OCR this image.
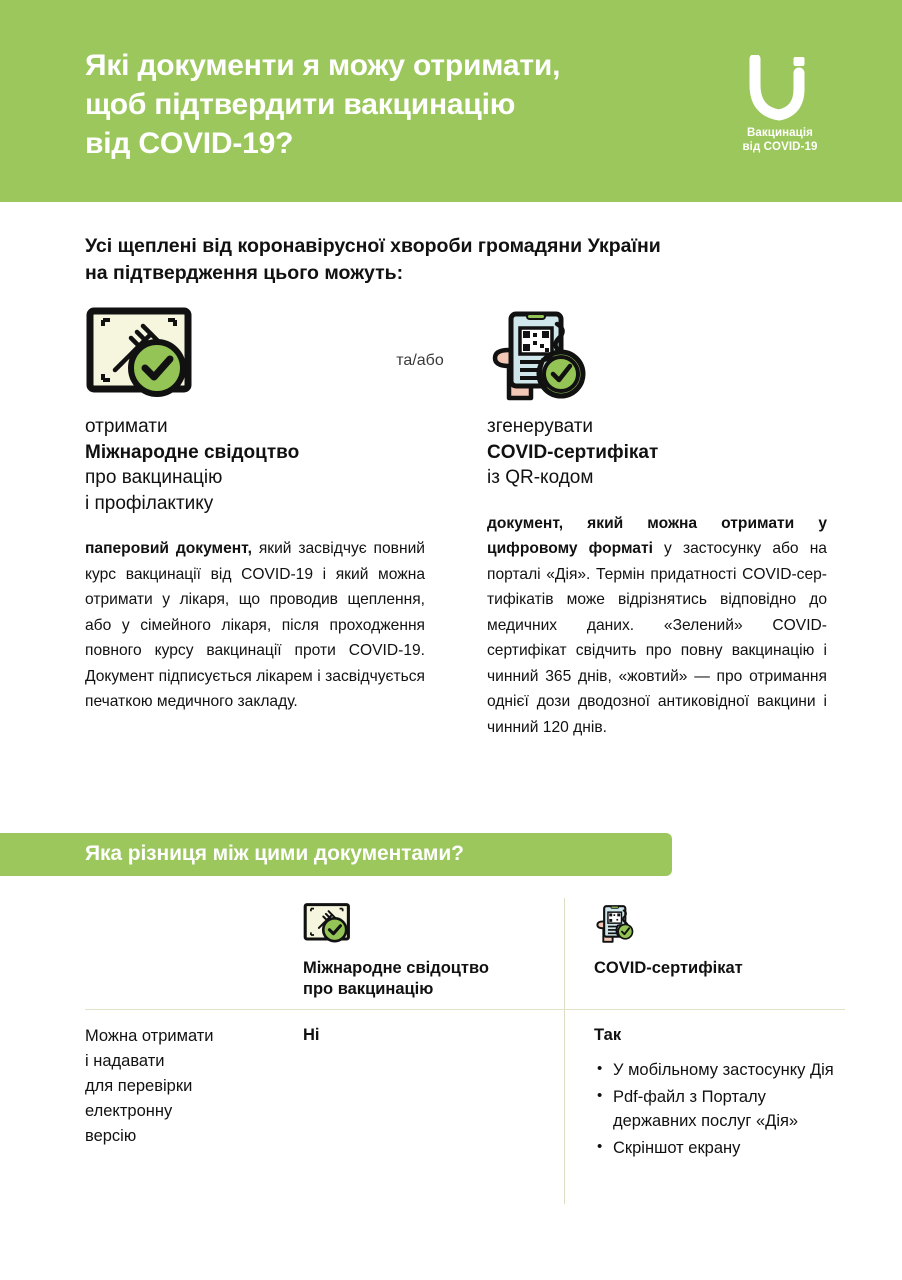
Які документи я можу отримати,
щоб підтвердити вакцинацію
від COVID-19?	Вакцинація
від COVID-19
Усі щеплені від коронавірусної хвороби громадяни України
на підтвердження цього можуть:
отримати
Міжнародне свідоцтво
про вакцинацію
і профілактику

паперовий документ, який засвідчує повний курс вакцинації від COVID-19 і який можна отримати у лікаря, що проводив щеплення, або у сімейного лікаря, після проходження повного курсу вакцинації проти COVID-19. Документ підписується лікарем і засвідчується печаткою медичного закладу.

та/або
згенерувати
COVID-сертифікат
із QR-кодом

документ, який можна отримати у цифровому форматі у застосунку або на порталі «Дія». Термін придатності COVID-сертифікатів може відрізнятись відповідно до медичних даних. «Зелений» COVID-сертифікат свідчить про повну вакцинацію і чинний 365 днів, «жовтий» — про отримання однієї дози дводозної антиковідної вакцини і чинний 120 днів.

Яка різниця між цими документами?
Міжнародне свідоцтво
про вакцинацію
COVID-сертифікат
Можна отримати
і надавати
для перевірки
електронну
версію
Ні	Так
• У мобільному застосунку Дія
• Pdf-файл з Порталу державних послуг «Дія»
• Скріншот екрану
